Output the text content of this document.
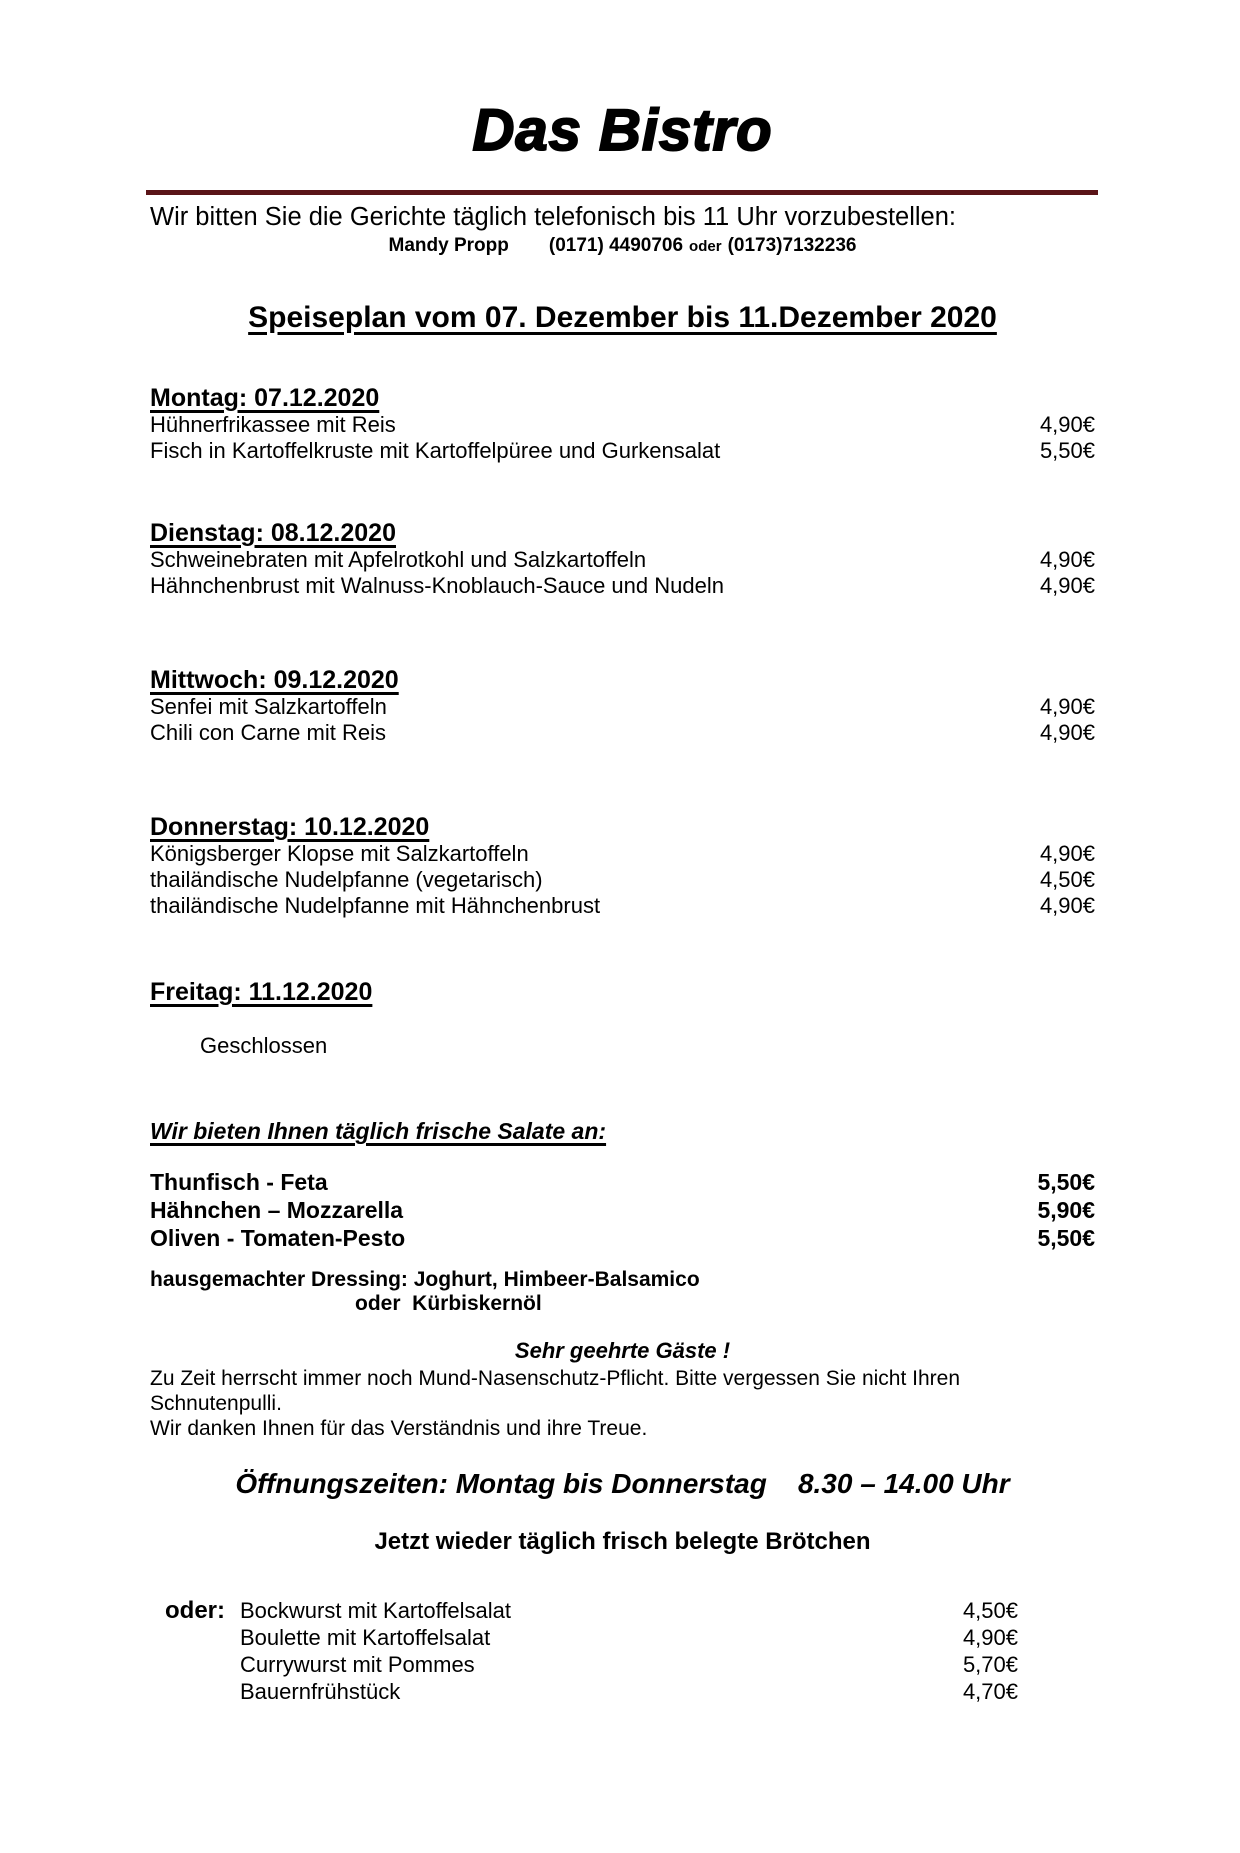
Das Bistro
Wir bitten Sie die Gerichte täglich telefonisch bis 11 Uhr vorzubestellen:
Mandy Propp (0171) 4490706 oder (0173)7132236
Speiseplan vom 07. Dezember bis 11.Dezember 2020
Montag: 07.12.2020
Hühnerfrikassee mit Reis	4,90€
Fisch in Kartoffelkruste mit Kartoffelpüree und Gurkensalat	5,50€
Dienstag: 08.12.2020
Schweinebraten mit Apfelrotkohl und Salzkartoffeln	4,90€
Hähnchenbrust mit Walnuss-Knoblauch-Sauce und Nudeln	4,90€
Mittwoch: 09.12.2020
Senfei mit Salzkartoffeln	4,90€
Chili con Carne mit Reis	4,90€
Donnerstag: 10.12.2020
Königsberger Klopse mit Salzkartoffeln	4,90€
thailändische Nudelpfanne (vegetarisch)	4,50€
thailändische Nudelpfanne mit Hähnchenbrust	4,90€
Freitag: 11.12.2020
Geschlossen
Wir bieten Ihnen täglich frische Salate an:
Thunfisch - Feta	5,50€
Hähnchen – Mozzarella	5,90€
Oliven - Tomaten-Pesto	5,50€
hausgemachter Dressing: Joghurt, Himbeer-Balsamico
oder  Kürbiskernöl
Sehr geehrte Gäste !
Zu Zeit herrscht immer noch Mund-Nasenschutz-Pflicht. Bitte vergessen Sie nicht Ihren Schnutenpulli.
Wir danken Ihnen für das Verständnis und ihre Treue.
Öffnungszeiten: Montag bis Donnerstag    8.30 – 14.00 Uhr
Jetzt wieder täglich frisch belegte Brötchen
oder: Bockwurst mit Kartoffelsalat	4,50€
Boulette mit Kartoffelsalat	4,90€
Currywurst mit Pommes	5,70€
Bauernfrühstück	4,70€
